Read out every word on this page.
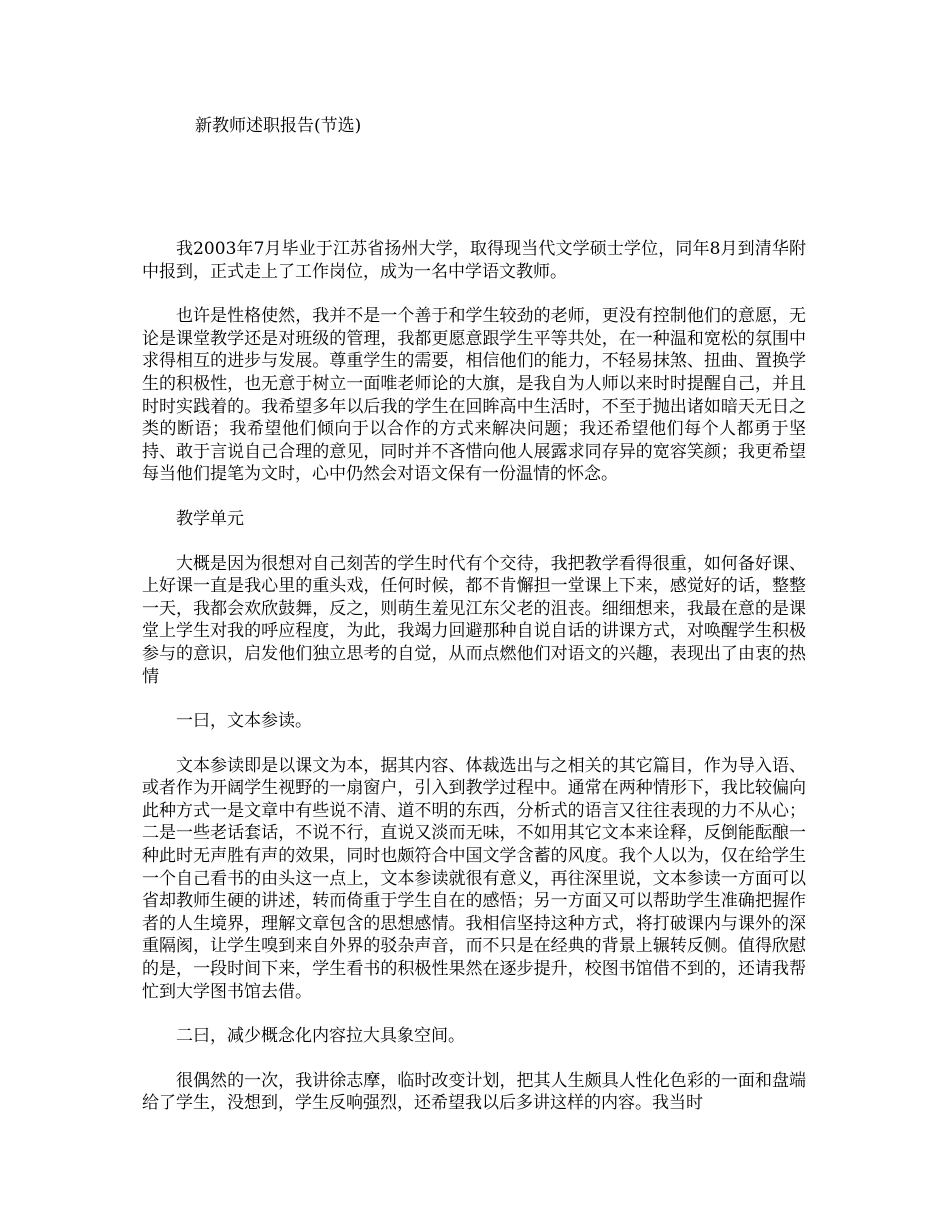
新教师述职报告(节选)

我2003年7月毕业于江苏省扬州大学，取得现当代文学硕士学位，同年8月到清华附中报到，正式走上了工作岗位，成为一名中学语文教师。

也许是性格使然，我并不是一个善于和学生较劲的老师，更没有控制他们的意愿，无论是课堂教学还是对班级的管理，我都更愿意跟学生平等共处，在一种温和宽松的氛围中求得相互的进步与发展。尊重学生的需要，相信他们的能力，不轻易抹煞、扭曲、置换学生的积极性，也无意于树立一面唯老师论的大旗，是我自为人师以来时时提醒自己，并且时时实践着的。我希望多年以后我的学生在回眸高中生活时，不至于抛出诸如暗天无日之类的断语；我希望他们倾向于以合作的方式来解决问题；我还希望他们每个人都勇于坚持、敢于言说自己合理的意见，同时并不吝惜向他人展露求同存异的宽容笑颜；我更希望每当他们提笔为文时，心中仍然会对语文保有一份温情的怀念。

教学单元

大概是因为很想对自己刻苦的学生时代有个交待，我把教学看得很重，如何备好课、上好课一直是我心里的重头戏，任何时候，都不肯懈担一堂课上下来，感觉好的话，整整一天，我都会欢欣鼓舞，反之，则萌生羞见江东父老的沮丧。细细想来，我最在意的是课堂上学生对我的呼应程度，为此，我竭力回避那种自说自话的讲课方式，对唤醒学生积极参与的意识，启发他们独立思考的自觉，从而点燃他们对语文的兴趣，表现出了由衷的热情

一曰，文本参读。

文本参读即是以课文为本，据其内容、体裁选出与之相关的其它篇目，作为导入语、或者作为开阔学生视野的一扇窗户，引入到教学过程中。通常在两种情形下，我比较偏向此种方式一是文章中有些说不清、道不明的东西，分析式的语言又往往表现的力不从心；二是一些老话套话，不说不行，直说又淡而无味，不如用其它文本来诠释，反倒能酝酿一种此时无声胜有声的效果，同时也颇符合中国文学含蓄的风度。我个人以为，仅在给学生一个自己看书的由头这一点上，文本参读就很有意义，再往深里说，文本参读一方面可以省却教师生硬的讲述，转而倚重于学生自在的感悟；另一方面又可以帮助学生准确把握作者的人生境界，理解文章包含的思想感情。我相信坚持这种方式，将打破课内与课外的深重隔阂，让学生嗅到来自外界的驳杂声音，而不只是在经典的背景上辗转反侧。值得欣慰的是，一段时间下来，学生看书的积极性果然在逐步提升，校图书馆借不到的，还请我帮忙到大学图书馆去借。

二曰，减少概念化内容拉大具象空间。

很偶然的一次，我讲徐志摩，临时改变计划，把其人生颇具人性化色彩的一面和盘端给了学生，没想到，学生反响强烈，还希望我以后多讲这样的内容。我当时
